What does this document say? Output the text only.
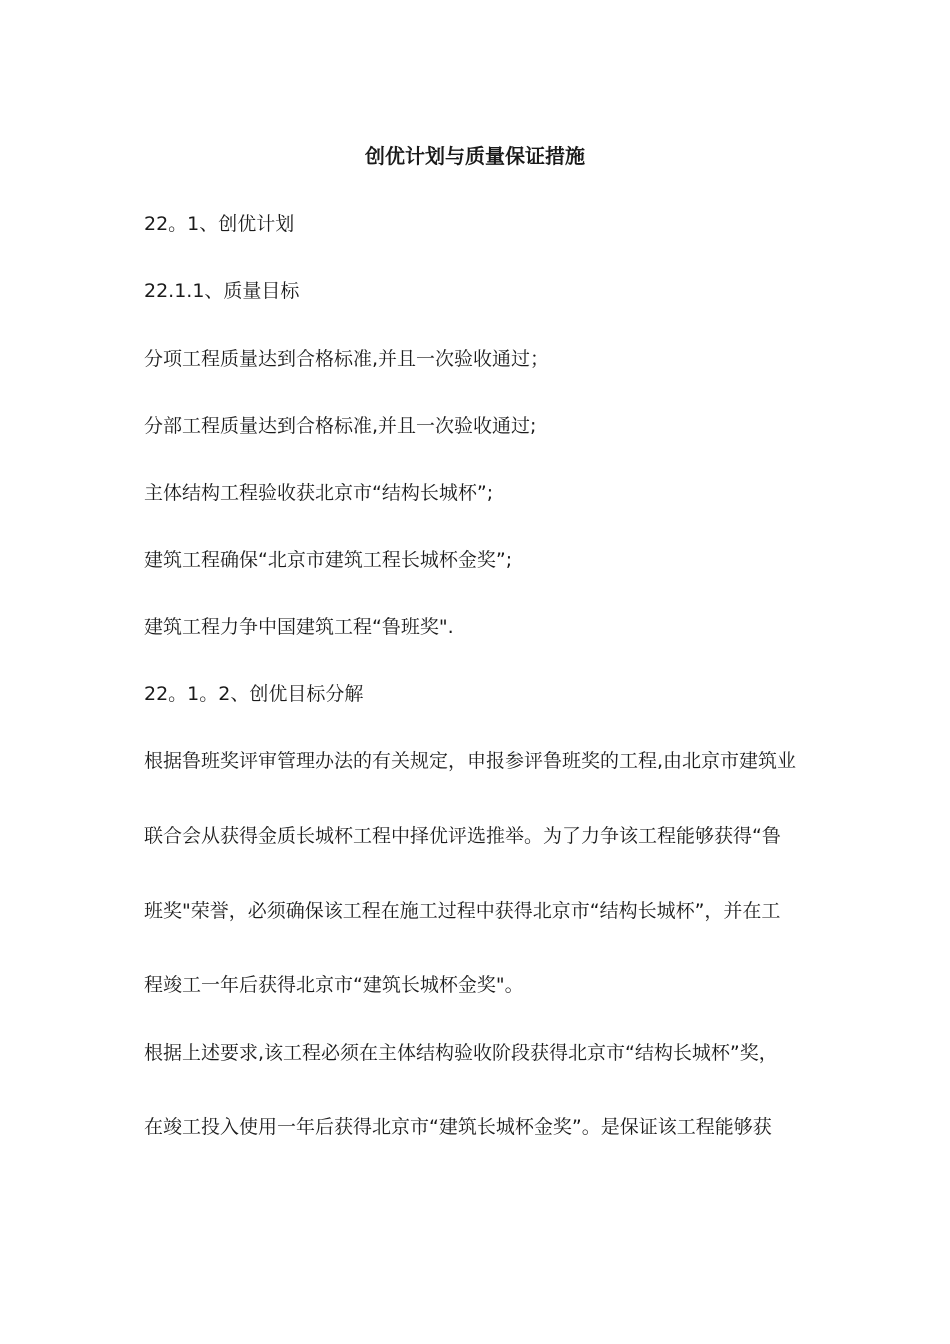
创优计划与质量保证措施
22。1、创优计划
22.1.1、质量目标
分项工程质量达到合格标准,并且一次验收通过；
分部工程质量达到合格标准,并且一次验收通过;
主体结构工程验收获北京市“结构长城杯”;
建筑工程确保“北京市建筑工程长城杯金奖”;
建筑工程力争中国建筑工程“鲁班奖".
22。1。2、创优目标分解
根据鲁班奖评审管理办法的有关规定，申报参评鲁班奖的工程,由北京市建筑业
联合会从获得金质长城杯工程中择优评选推举。为了力争该工程能够获得“鲁
班奖"荣誉，必须确保该工程在施工过程中获得北京市“结构长城杯”，并在工
程竣工一年后获得北京市“建筑长城杯金奖"。
根据上述要求,该工程必须在主体结构验收阶段获得北京市“结构长城杯”奖，
在竣工投入使用一年后获得北京市“建筑长城杯金奖”。是保证该工程能够获
